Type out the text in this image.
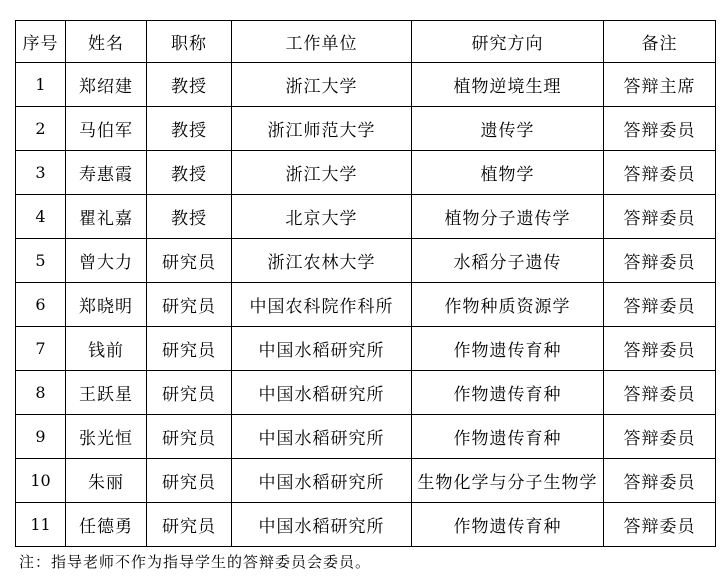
序号	姓名	职称	工作单位	研究方向	备注
1	郑绍建	教授	浙江大学	植物逆境生理	答辩主席
2	马伯军	教授	浙江师范大学	遗传学	答辩委员
3	寿惠霞	教授	浙江大学	植物学	答辩委员
4	瞿礼嘉	教授	北京大学	植物分子遗传学	答辩委员
5	曾大力	研究员	浙江农林大学	水稻分子遗传	答辩委员
6	郑晓明	研究员	中国农科院作科所	作物种质资源学	答辩委员
7	钱前	研究员	中国水稻研究所	作物遗传育种	答辩委员
8	王跃星	研究员	中国水稻研究所	作物遗传育种	答辩委员
9	张光恒	研究员	中国水稻研究所	作物遗传育种	答辩委员
10	朱丽	研究员	中国水稻研究所	生物化学与分子生物学	答辩委员
11	任德勇	研究员	中国水稻研究所	作物遗传育种	答辩委员
注：指导老师不作为指导学生的答辩委员会委员。
